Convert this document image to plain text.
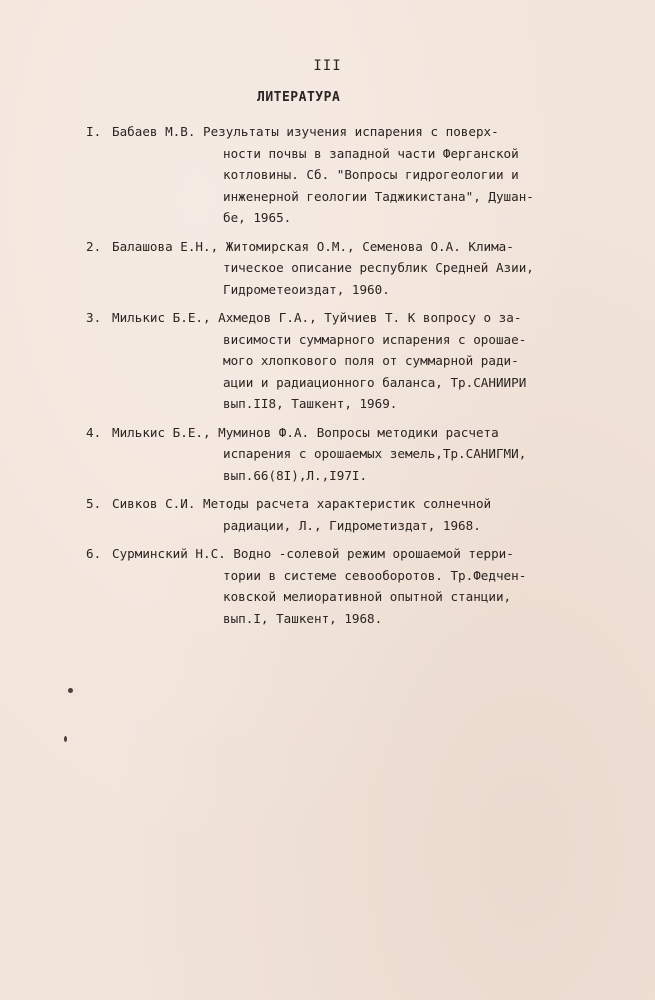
III
ЛИТЕРАТУРА
I. Бабаев М.В. Результаты изучения испарения с поверх-
ности почвы в западной части Ферганской
котловины. Сб. "Вопросы гидрогеологии и
инженерной геологии Таджикистана", Душан-
бе, 1965.
2. Балашова Е.Н., Житомирская О.М., Семенова О.А. Клима-
тическое описание республик Средней Азии,
Гидрометеоиздат, 1960.
3. Милькис Б.Е., Ахмедов Г.А., Туйчиев Т. К вопросу о за-
висимости суммарного испарения с орошае-
мого хлопкового поля от суммарной ради-
ации и радиационного баланса, Тр.САНИИРИ
вып.II8, Ташкент, 1969.
4. Милькис Б.Е., Муминов Ф.А. Вопросы методики расчета
испарения с орошаемых земель,Тр.САНИГМИ,
вып.66(8I),Л.,I97I.
5. Сивков С.И. Методы расчета характеристик солнечной
радиации, Л., Гидрометиздат, 1968.
6. Сурминский Н.С. Водно -солевой режим орошаемой терри-
тории в системе севооборотов. Тр.Федчен-
ковской мелиоративной опытной станции,
вып.I, Ташкент, 1968.
